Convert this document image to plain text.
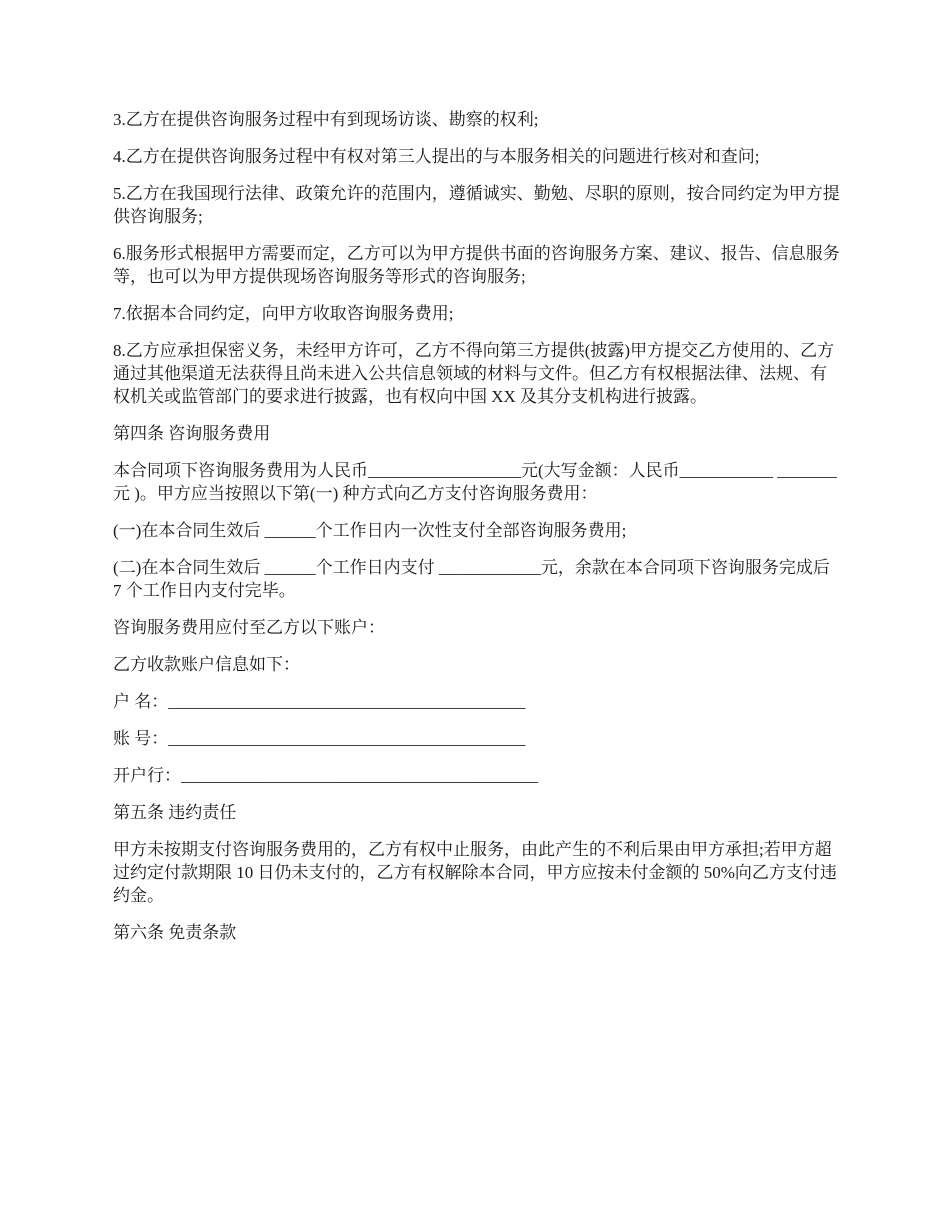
3.乙方在提供咨询服务过程中有到现场访谈、勘察的权利;

4.乙方在提供咨询服务过程中有权对第三人提出的与本服务相关的问题进行核对和查问;

5.乙方在我国现行法律、政策允许的范围内，遵循诚实、勤勉、尽职的原则，按合同约定为甲方提供咨询服务;

6.服务形式根据甲方需要而定，乙方可以为甲方提供书面的咨询服务方案、建议、报告、信息服务等，也可以为甲方提供现场咨询服务等形式的咨询服务;

7.依据本合同约定，向甲方收取咨询服务费用;

8.乙方应承担保密义务，未经甲方许可，乙方不得向第三方提供(披露)甲方提交乙方使用的、乙方通过其他渠道无法获得且尚未进入公共信息领域的材料与文件。但乙方有权根据法律、法规、有权机关或监管部门的要求进行披露，也有权向中国 XX 及其分支机构进行披露。

第四条 咨询服务费用

本合同项下咨询服务费用为人民币__________________元(大写金额：人民币___________ _______元 )。甲方应当按照以下第(一) 种方式向乙方支付咨询服务费用：

(一)在本合同生效后 ______个工作日内一次性支付全部咨询服务费用;

(二)在本合同生效后 ______个工作日内支付 ____________元，余款在本合同项下咨询服务完成后 7 个工作日内支付完毕。

咨询服务费用应付至乙方以下账户：

乙方收款账户信息如下：

户 名：__________________________________________

账 号：__________________________________________

开户行：__________________________________________

第五条 违约责任

甲方未按期支付咨询服务费用的，乙方有权中止服务，由此产生的不利后果由甲方承担;若甲方超过约定付款期限 10 日仍未支付的，乙方有权解除本合同，甲方应按未付金额的 50%向乙方支付违约金。

第六条 免责条款
